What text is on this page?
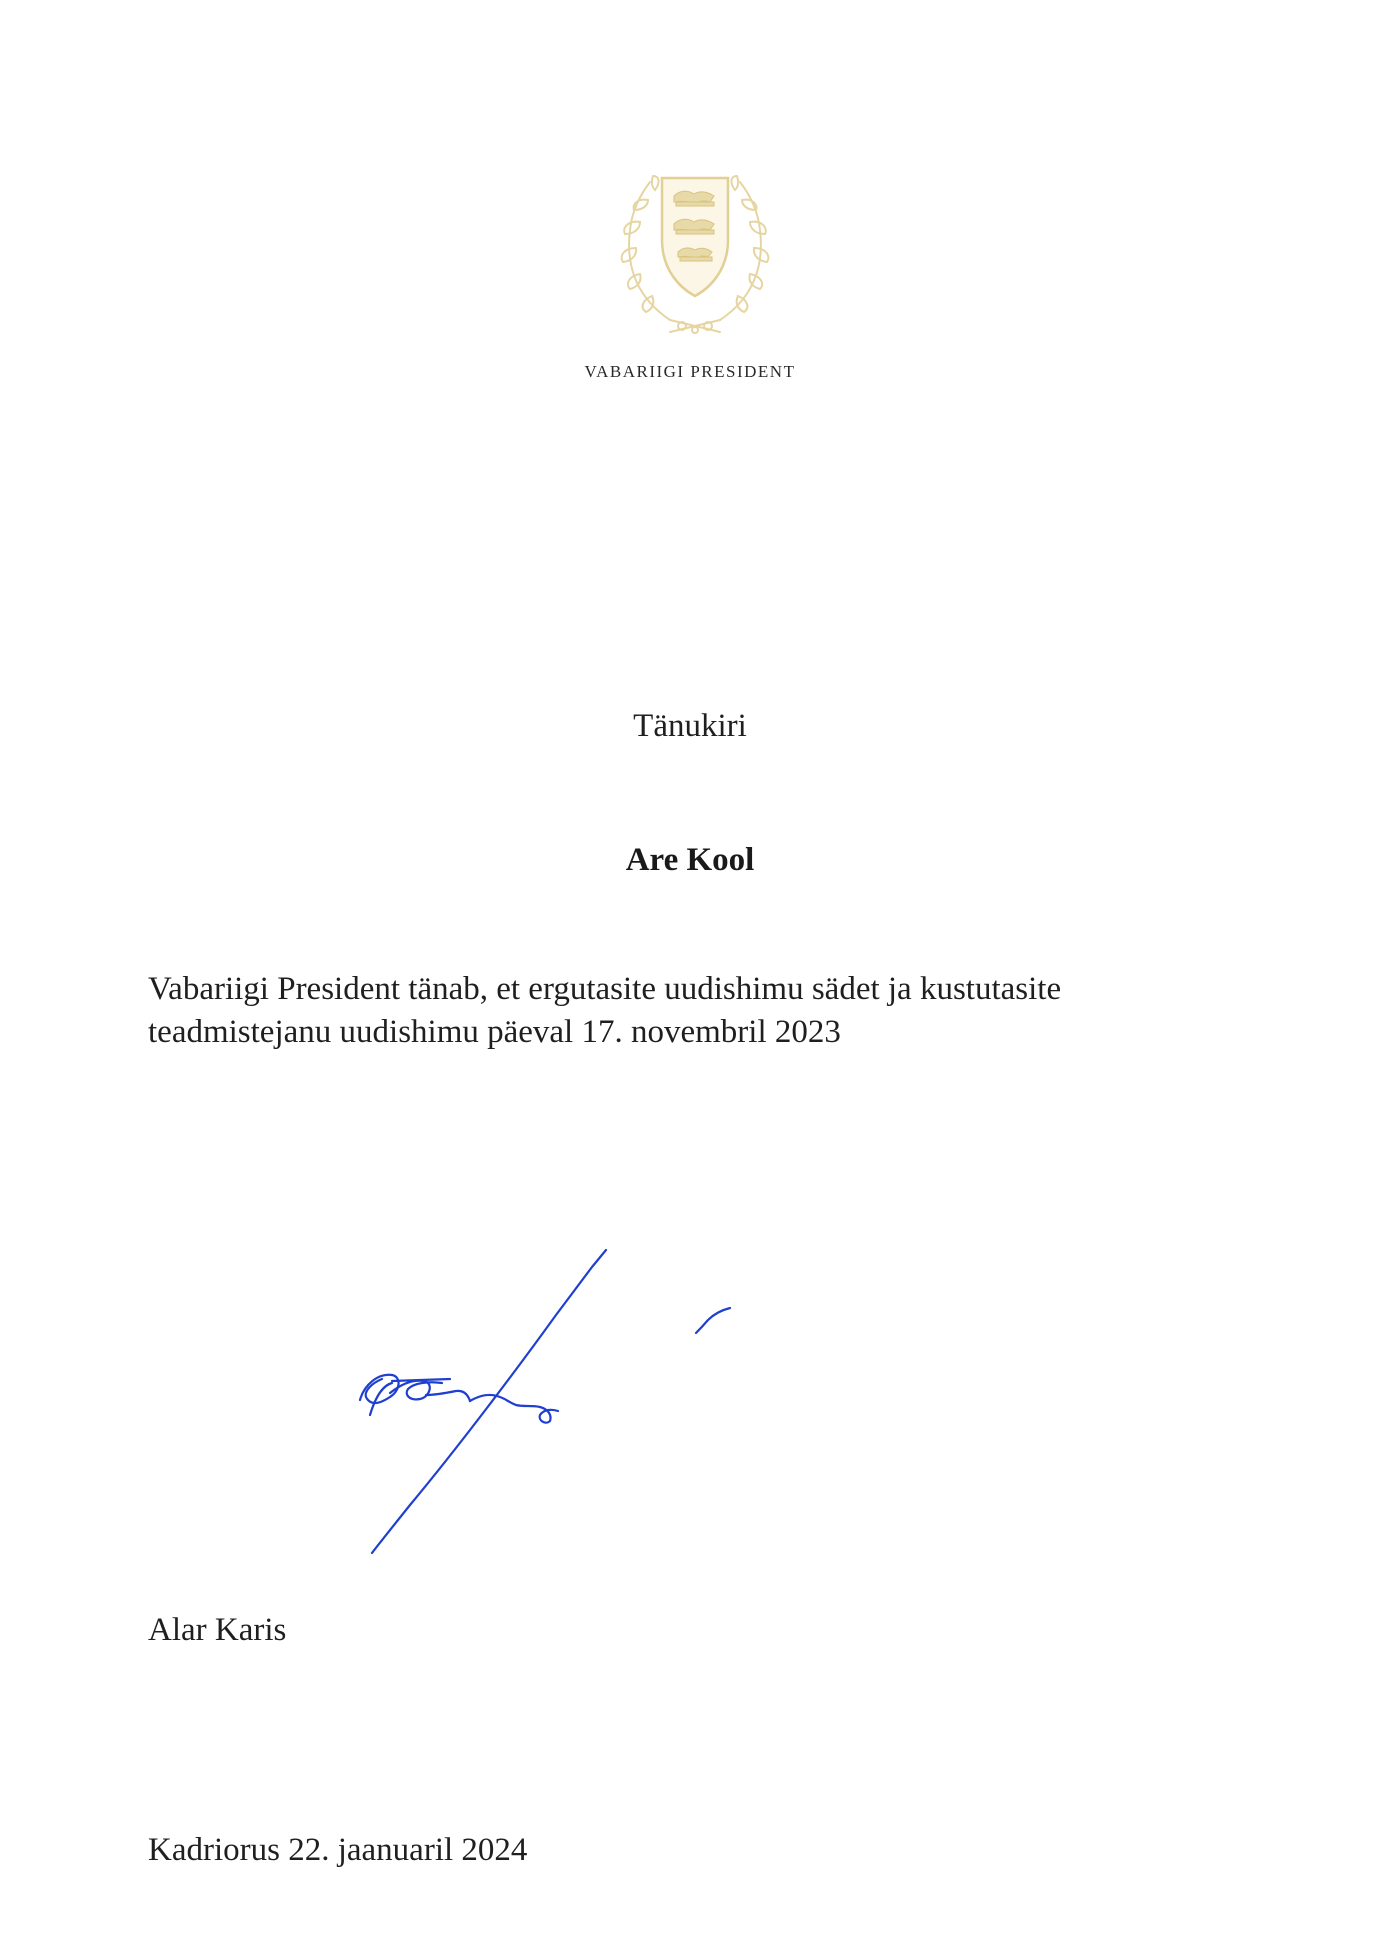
VABARIIGI PRESIDENT
Tänukiri
Are Kool
Vabariigi President tänab, et ergutasite uudishimu sädet ja kustutasite
teadmistejanu uudishimu päeval 17. novembril 2023
Alar Karis
Kadriorus 22. jaanuaril 2024
